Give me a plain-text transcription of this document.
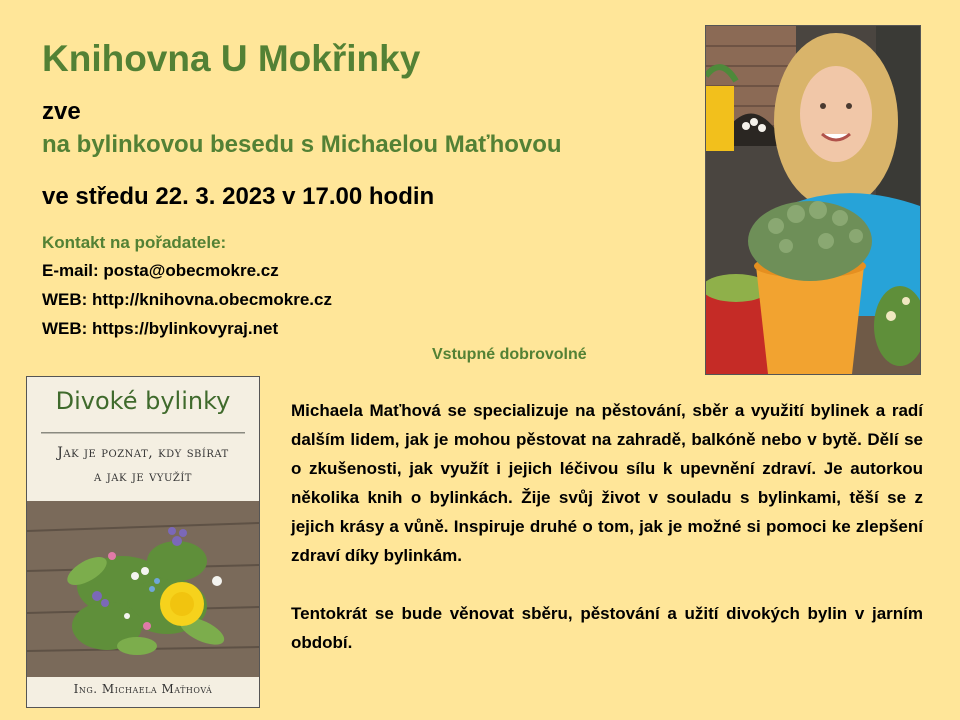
Knihovna U Mokřinky
zve
na bylinkovou besedu s Michaelou Maťhovou
ve středu 22. 3. 2023 v 17.00 hodin
Kontakt na pořadatele:
E-mail: posta@obecmokre.cz
WEB: http://knihovna.obecmokre.cz
WEB: https://bylinkovyraj.net
Vstupné dobrovolné
Divoké bylinky
Jak je poznat, kdy sbírat
a jak je využít
Ing. Michaela Maťhová

Michaela Maťhová se specializuje na pěstování, sběr a využití bylinek a radí dalším lidem, jak je mohou pěstovat na zahradě, balkóně nebo v bytě. Dělí se o zkušenosti, jak využít i jejich léčivou sílu k upevnění zdraví. Je autorkou několika knih o bylinkách. Žije svůj život v souladu s bylinkami, těší se z jejich krásy a vůně. Inspiruje druhé o tom, jak je možné si pomoci ke zlepšení zdraví díky bylinkám.

Tentokrát se bude věnovat sběru, pěstování a užití divokých bylin v jarním období.
